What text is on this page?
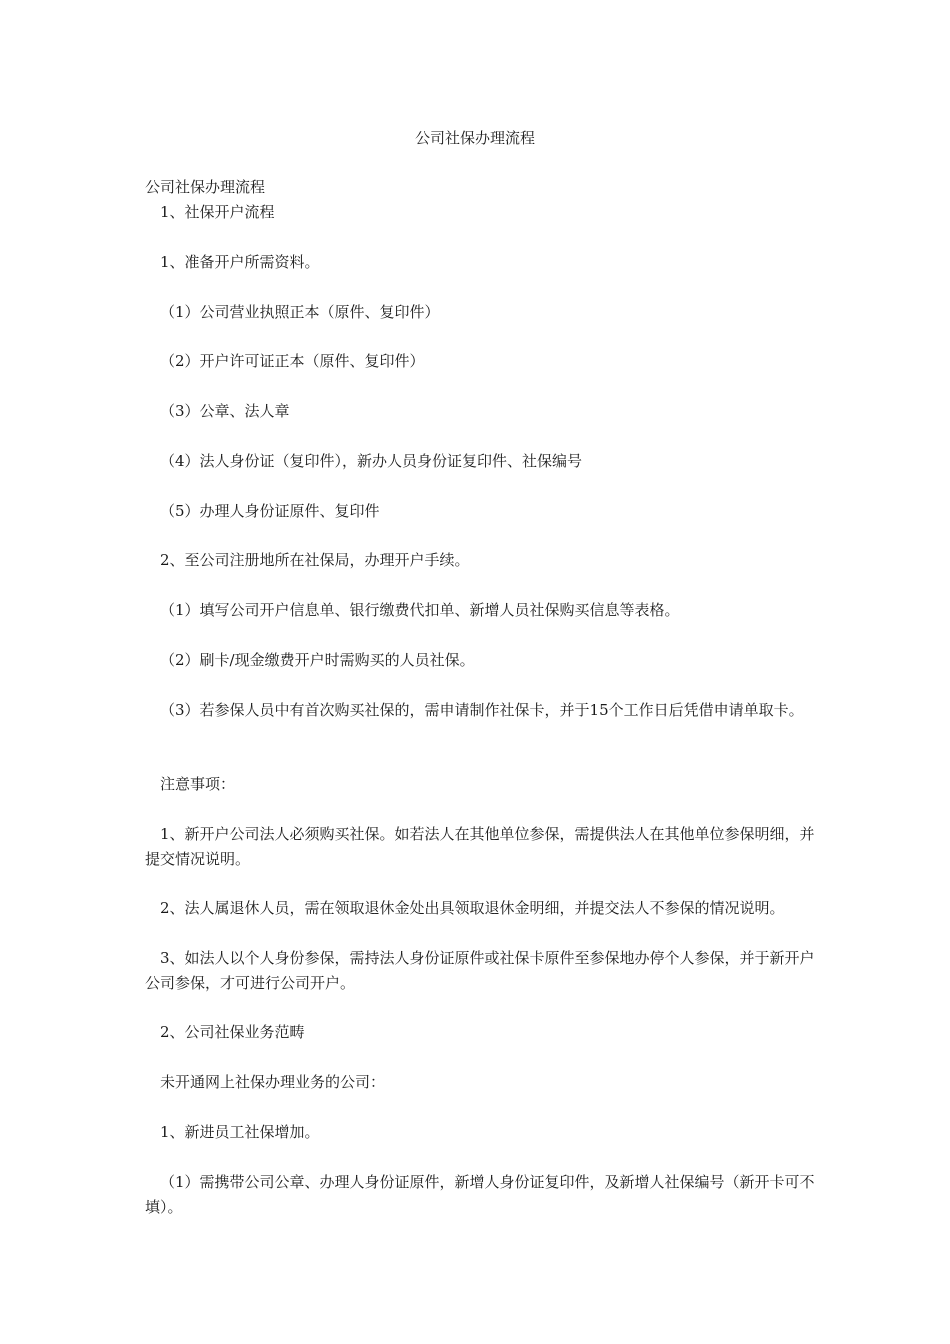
公司社保办理流程

公司社保办理流程

1、社保开户流程

1、准备开户所需资料。

（1）公司营业执照正本（原件、复印件）

（2）开户许可证正本（原件、复印件）

（3）公章、法人章

（4）法人身份证（复印件），新办人员身份证复印件、社保编号

（5）办理人身份证原件、复印件

2、至公司注册地所在社保局，办理开户手续。

（1）填写公司开户信息单、银行缴费代扣单、新增人员社保购买信息等表格。

（2）刷卡/现金缴费开户时需购买的人员社保。

（3）若参保人员中有首次购买社保的，需申请制作社保卡，并于15个工作日后凭借申请单取卡。

注意事项：

1、新开户公司法人必须购买社保。如若法人在其他单位参保，需提供法人在其他单位参保明细，并提交情况说明。

2、法人属退休人员，需在领取退休金处出具领取退休金明细，并提交法人不参保的情况说明。

3、如法人以个人身份参保，需持法人身份证原件或社保卡原件至参保地办停个人参保，并于新开户公司参保，才可进行公司开户。

2、公司社保业务范畴

未开通网上社保办理业务的公司：

1、新进员工社保增加。

（1）需携带公司公章、办理人身份证原件，新增人身份证复印件，及新增人社保编号（新开卡可不填）。
